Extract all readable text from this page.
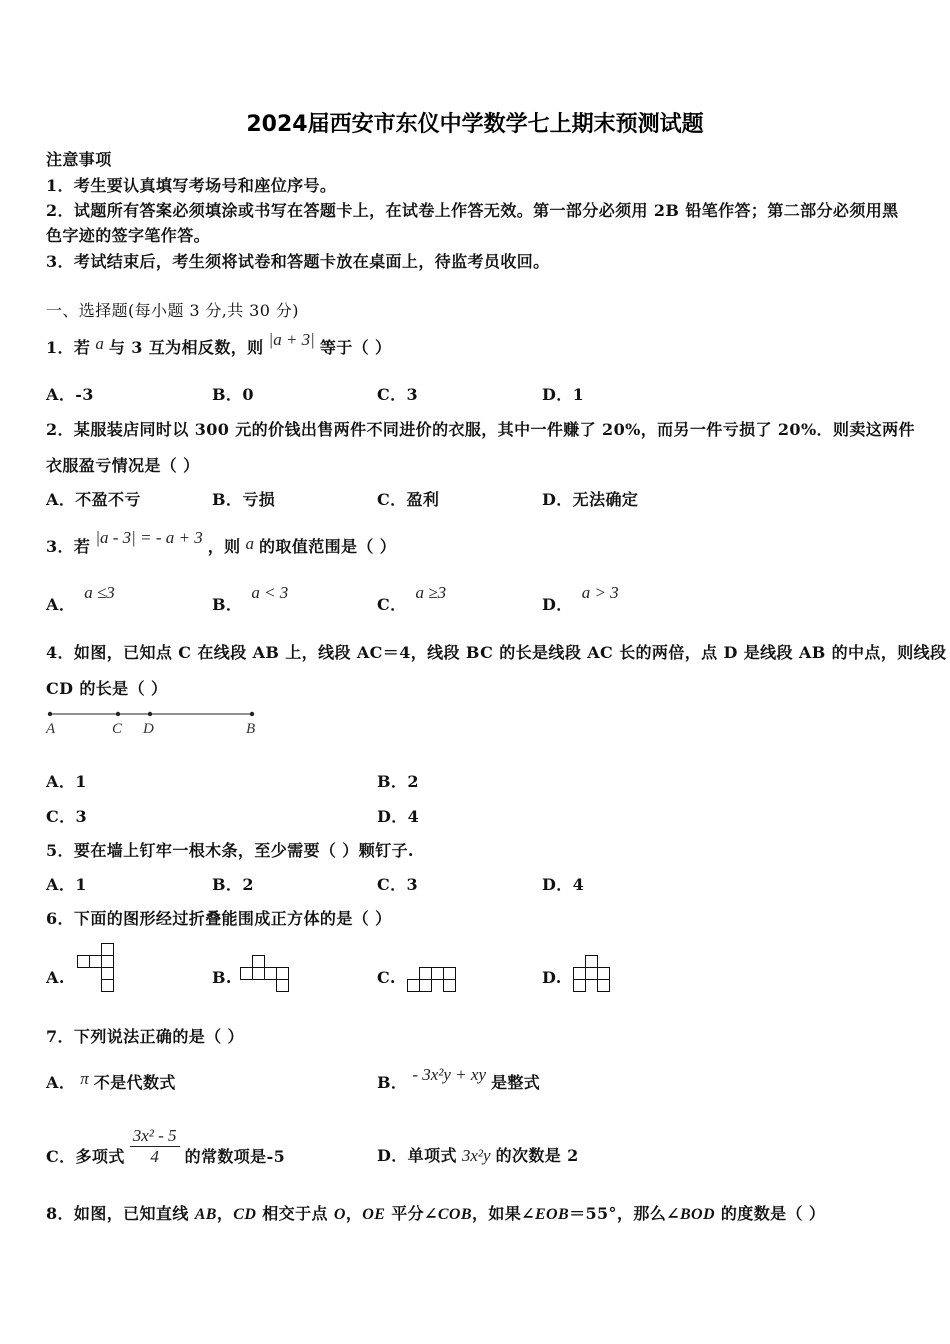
2024届西安市东仪中学数学七上期末预测试题
注意事项
1．考生要认真填写考场号和座位序号。
2．试题所有答案必须填涂或书写在答题卡上，在试卷上作答无效。第一部分必须用 2B 铅笔作答；第二部分必须用黑
色字迹的签字笔作答。
3．考试结束后，考生须将试卷和答题卡放在桌面上，待监考员收回。
一、选择题(每小题 3 分,共 30 分)
1．若 a 与 3 互为相反数，则 |a + 3| 等于（ ）
A．-3	B．0	C．3	D．1
2．某服装店同时以 300 元的价钱出售两件不同进价的衣服，其中一件赚了 20%，而另一件亏损了 20%．则卖这两件
衣服盈亏情况是（ ）
A．不盈不亏	B．亏损	C．盈利	D．无法确定
3．若 |a - 3| = - a + 3 ，则 a 的取值范围是（ ）
A．a ≤3
B．a < 3
C．a ≥3
D．a > 3
4．如图，已知点 C 在线段 AB 上，线段 AC＝4，线段 BC 的长是线段 AC 长的两倍，点 D 是线段 AB 的中点，则线段
CD 的长是（ ）
A	C D	B
A．1	B．2
C．3	D．4
5．要在墙上钉牢一根木条，至少需要（ ）颗钉子.
A．1	B．2	C．3	D．4
6．下面的图形经过折叠能围成正方体的是（ ）
A.	B.	C.	D.
7．下列说法正确的是（ ）
A． π 不是代数式	B． - 3x²y + xy 是整式
C．多项式 $\frac{\text{3x² - 5}}{4}$ 的常数项是-5	D．单项式 3x²y 的次数是 2
8．如图，已知直线 AB，CD 相交于点 O，OE 平分∠COB，如果∠EOB＝55°，那么∠BOD 的度数是（ ）
